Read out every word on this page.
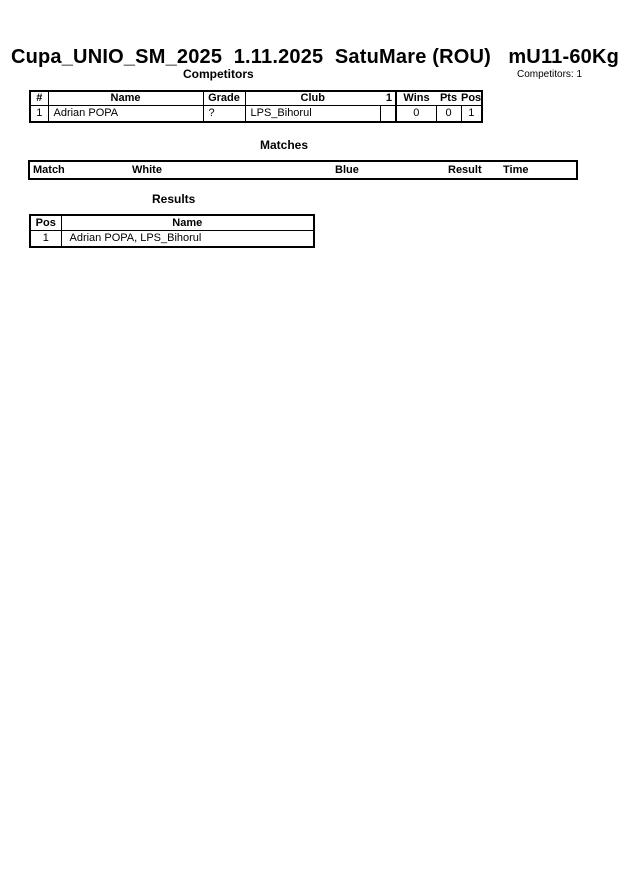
Cupa_UNIO_SM_2025  1.11.2025  SatuMare (ROU)   mU11-60Kg
Competitors	Competitors: 1
#	Name	Grade	Club	1	Wins	Pts	Pos
1	Adrian POPA	?	LPS_Bihorul		0	0	1
Matches
Match	White	Blue	Result Time
Results
Pos	Name
1	Adrian POPA, LPS_Bihorul
